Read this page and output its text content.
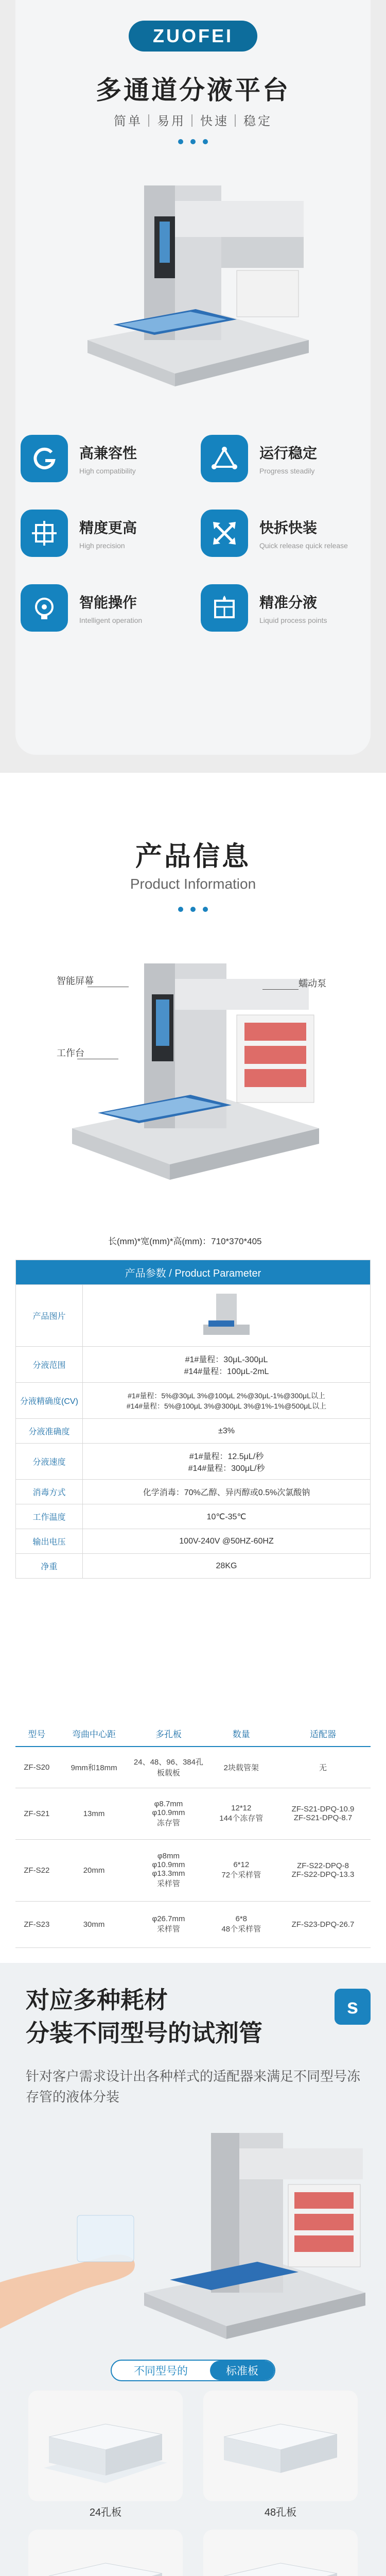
ZUOFEI
多通道分液平台
简单｜易用｜快速｜稳定
高兼容性
High compatibility
运行稳定
Progress steadily
精度更高
High precision
快拆快装
Quick release quick release
智能操作
Intelligent operation
精准分液
Liquid process points
产品信息
Product Information
智能屏幕	蠕动泵
工作台
长(mm)*宽(mm)*高(mm)：710*370*405
产品参数 / Product Parameter	
产品图片	
分液范围	#1#量程：30μL-300μL
#14#量程：100μL-2mL
分液精确度(CV)	#1#量程：5%@30μL 3%@100μL 2%@30μL-1%@300μL以上
#14#量程：5%@100μL 3%@300μL 3%@1%-1%@500μL以上
分液准确度	±3%
分液速度	#1#量程：12.5μL/秒
#14#量程：300μL/秒
消毒方式	化学消毒：70%乙醇、异丙醇或0.5%次氯酸钠
工作温度	10℃-35℃
输出电压	100V-240V @50HZ-60HZ
净重	28KG
型号	弯曲中心距	多孔板	数量	适配器
ZF-S20	9mm和18mm	24、48、96、384孔板载板	2块载管架	无
ZF-S21	13mm	φ8.7mm
φ10.9mm
冻存管	12*12
144个冻存管	ZF-S21-DPQ-10.9
ZF-S21-DPQ-8.7
ZF-S22	20mm	φ8mm
φ10.9mm
φ13.3mm
采样管	6*12
72个采样管	ZF-S22-DPQ-8
ZF-S22-DPQ-13.3
ZF-S23	30mm	φ26.7mm
采样管	6*8
48个采样管	ZF-S23-DPQ-26.7
对应多种耗材
分装不同型号的试剂管
s
针对客户需求设计出各种样式的适配器来满足不同型号冻存管的液体分装
不同型号的	标准板
24孔板	48孔板
